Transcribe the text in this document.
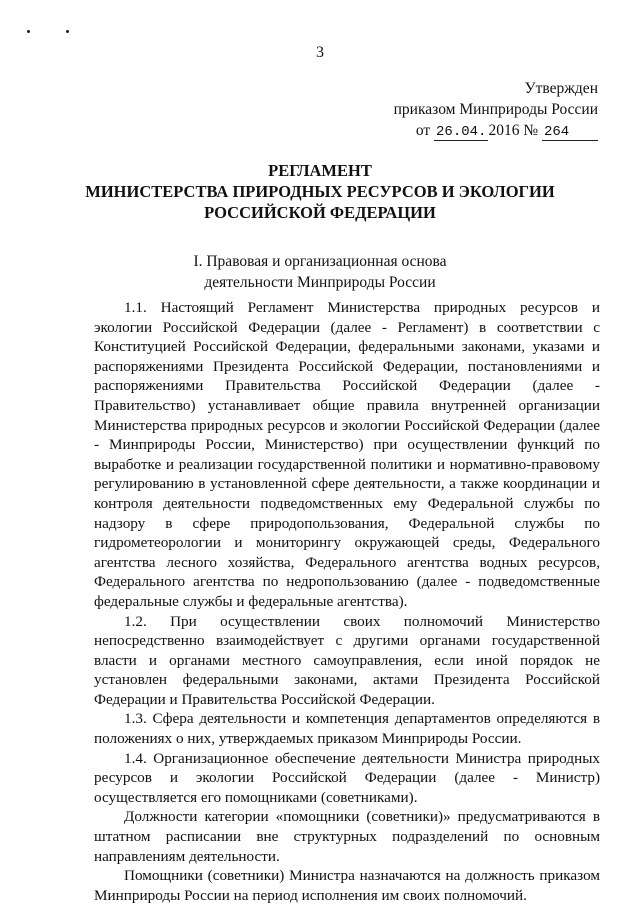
3
Утвержден
приказом Минприроды России
от 26.04. 2016 № 264
РЕГЛАМЕНТ
МИНИСТЕРСТВА ПРИРОДНЫХ РЕСУРСОВ И ЭКОЛОГИИ
РОССИЙСКОЙ ФЕДЕРАЦИИ
I. Правовая и организационная основа
деятельности Минприроды России

1.1. Настоящий Регламент Министерства природных ресурсов и экологии Российской Федерации (далее - Регламент) в соответствии с Конституцией Российской Федерации, федеральными законами, указами и распоряжениями Президента Российской Федерации, постановлениями и распоряжениями Правительства Российской Федерации (далее - Правительство) устанавливает общие правила внутренней организации Министерства природных ресурсов и экологии Российской Федерации (далее - Минприроды России, Министерство) при осуществлении функций по выработке и реализации государственной политики и нормативно-правовому регулированию в установленной сфере деятельности, а также координации и контроля деятельности подведомственных ему Федеральной службы по надзору в сфере природопользования, Федеральной службы по гидрометеорологии и мониторингу окружающей среды, Федерального агентства лесного хозяйства, Федерального агентства водных ресурсов, Федерального агентства по недропользованию (далее - подведомственные федеральные службы и федеральные агентства).

1.2. При осуществлении своих полномочий Министерство непосредственно взаимодействует с другими органами государственной власти и органами местного самоуправления, если иной порядок не установлен федеральными законами, актами Президента Российской Федерации и Правительства Российской Федерации.

1.3. Сфера деятельности и компетенция департаментов определяются в положениях о них, утверждаемых приказом Минприроды России.

1.4. Организационное обеспечение деятельности Министра природных ресурсов и экологии Российской Федерации (далее - Министр) осуществляется его помощниками (советниками).

Должности категории «помощники (советники)» предусматриваются в штатном расписании вне структурных подразделений по основным направлениям деятельности.

Помощники (советники) Министра назначаются на должность приказом Минприроды России на период исполнения им своих полномочий.
